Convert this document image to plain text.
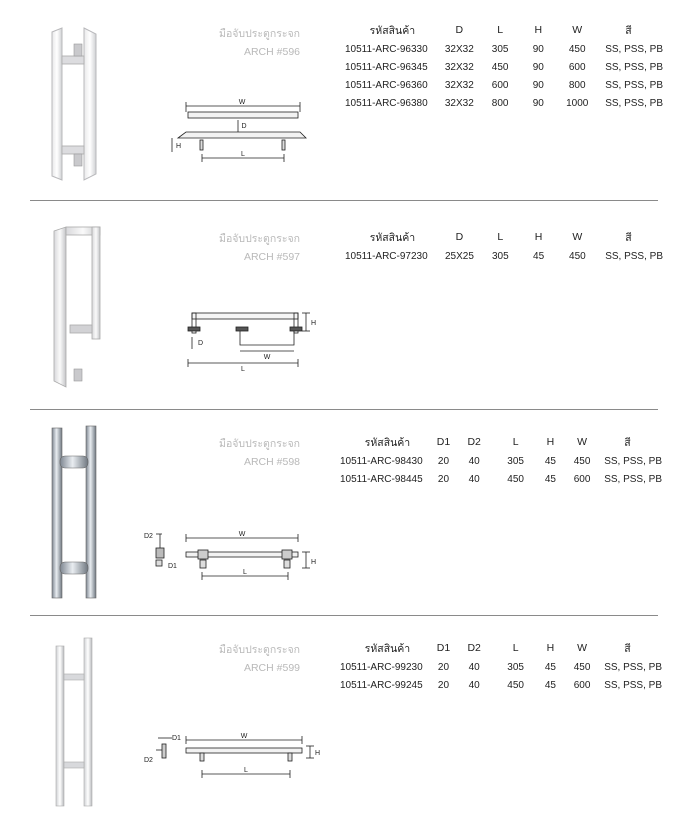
มือจับประตูกระจก
ARCH #596
รหัสสินค้า	D	L	H	W	สี
10511-ARC-96330	32X32	305	90	450	SS, PSS, PB
10511-ARC-96345	32X32	450	90	600	SS, PSS, PB
10511-ARC-96360	32X32	600	90	800	SS, PSS, PB
10511-ARC-96380	32X32	800	90	1000	SS, PSS, PB
W
D
H
L
มือจับประตูกระจก
ARCH #597
รหัสสินค้า	D	L	H	W	สี
10511-ARC-97230	25X25	305	45	450	SS, PSS, PB
H
D
W
L
มือจับประตูกระจก
ARCH #598
รหัสสินค้า	D1	D2	L	H	W	สี
10511-ARC-98430	20	40	305	45	450	SS, PSS, PB
10511-ARC-98445	20	40	450	45	600	SS, PSS, PB
D2
D1
W
H
L
มือจับประตูกระจก
ARCH #599
รหัสสินค้า	D1	D2	L	H	W	สี
10511-ARC-99230	20	40	305	45	450	SS, PSS, PB
10511-ARC-99245	20	40	450	45	600	SS, PSS, PB
D1
D2
W
H
L
